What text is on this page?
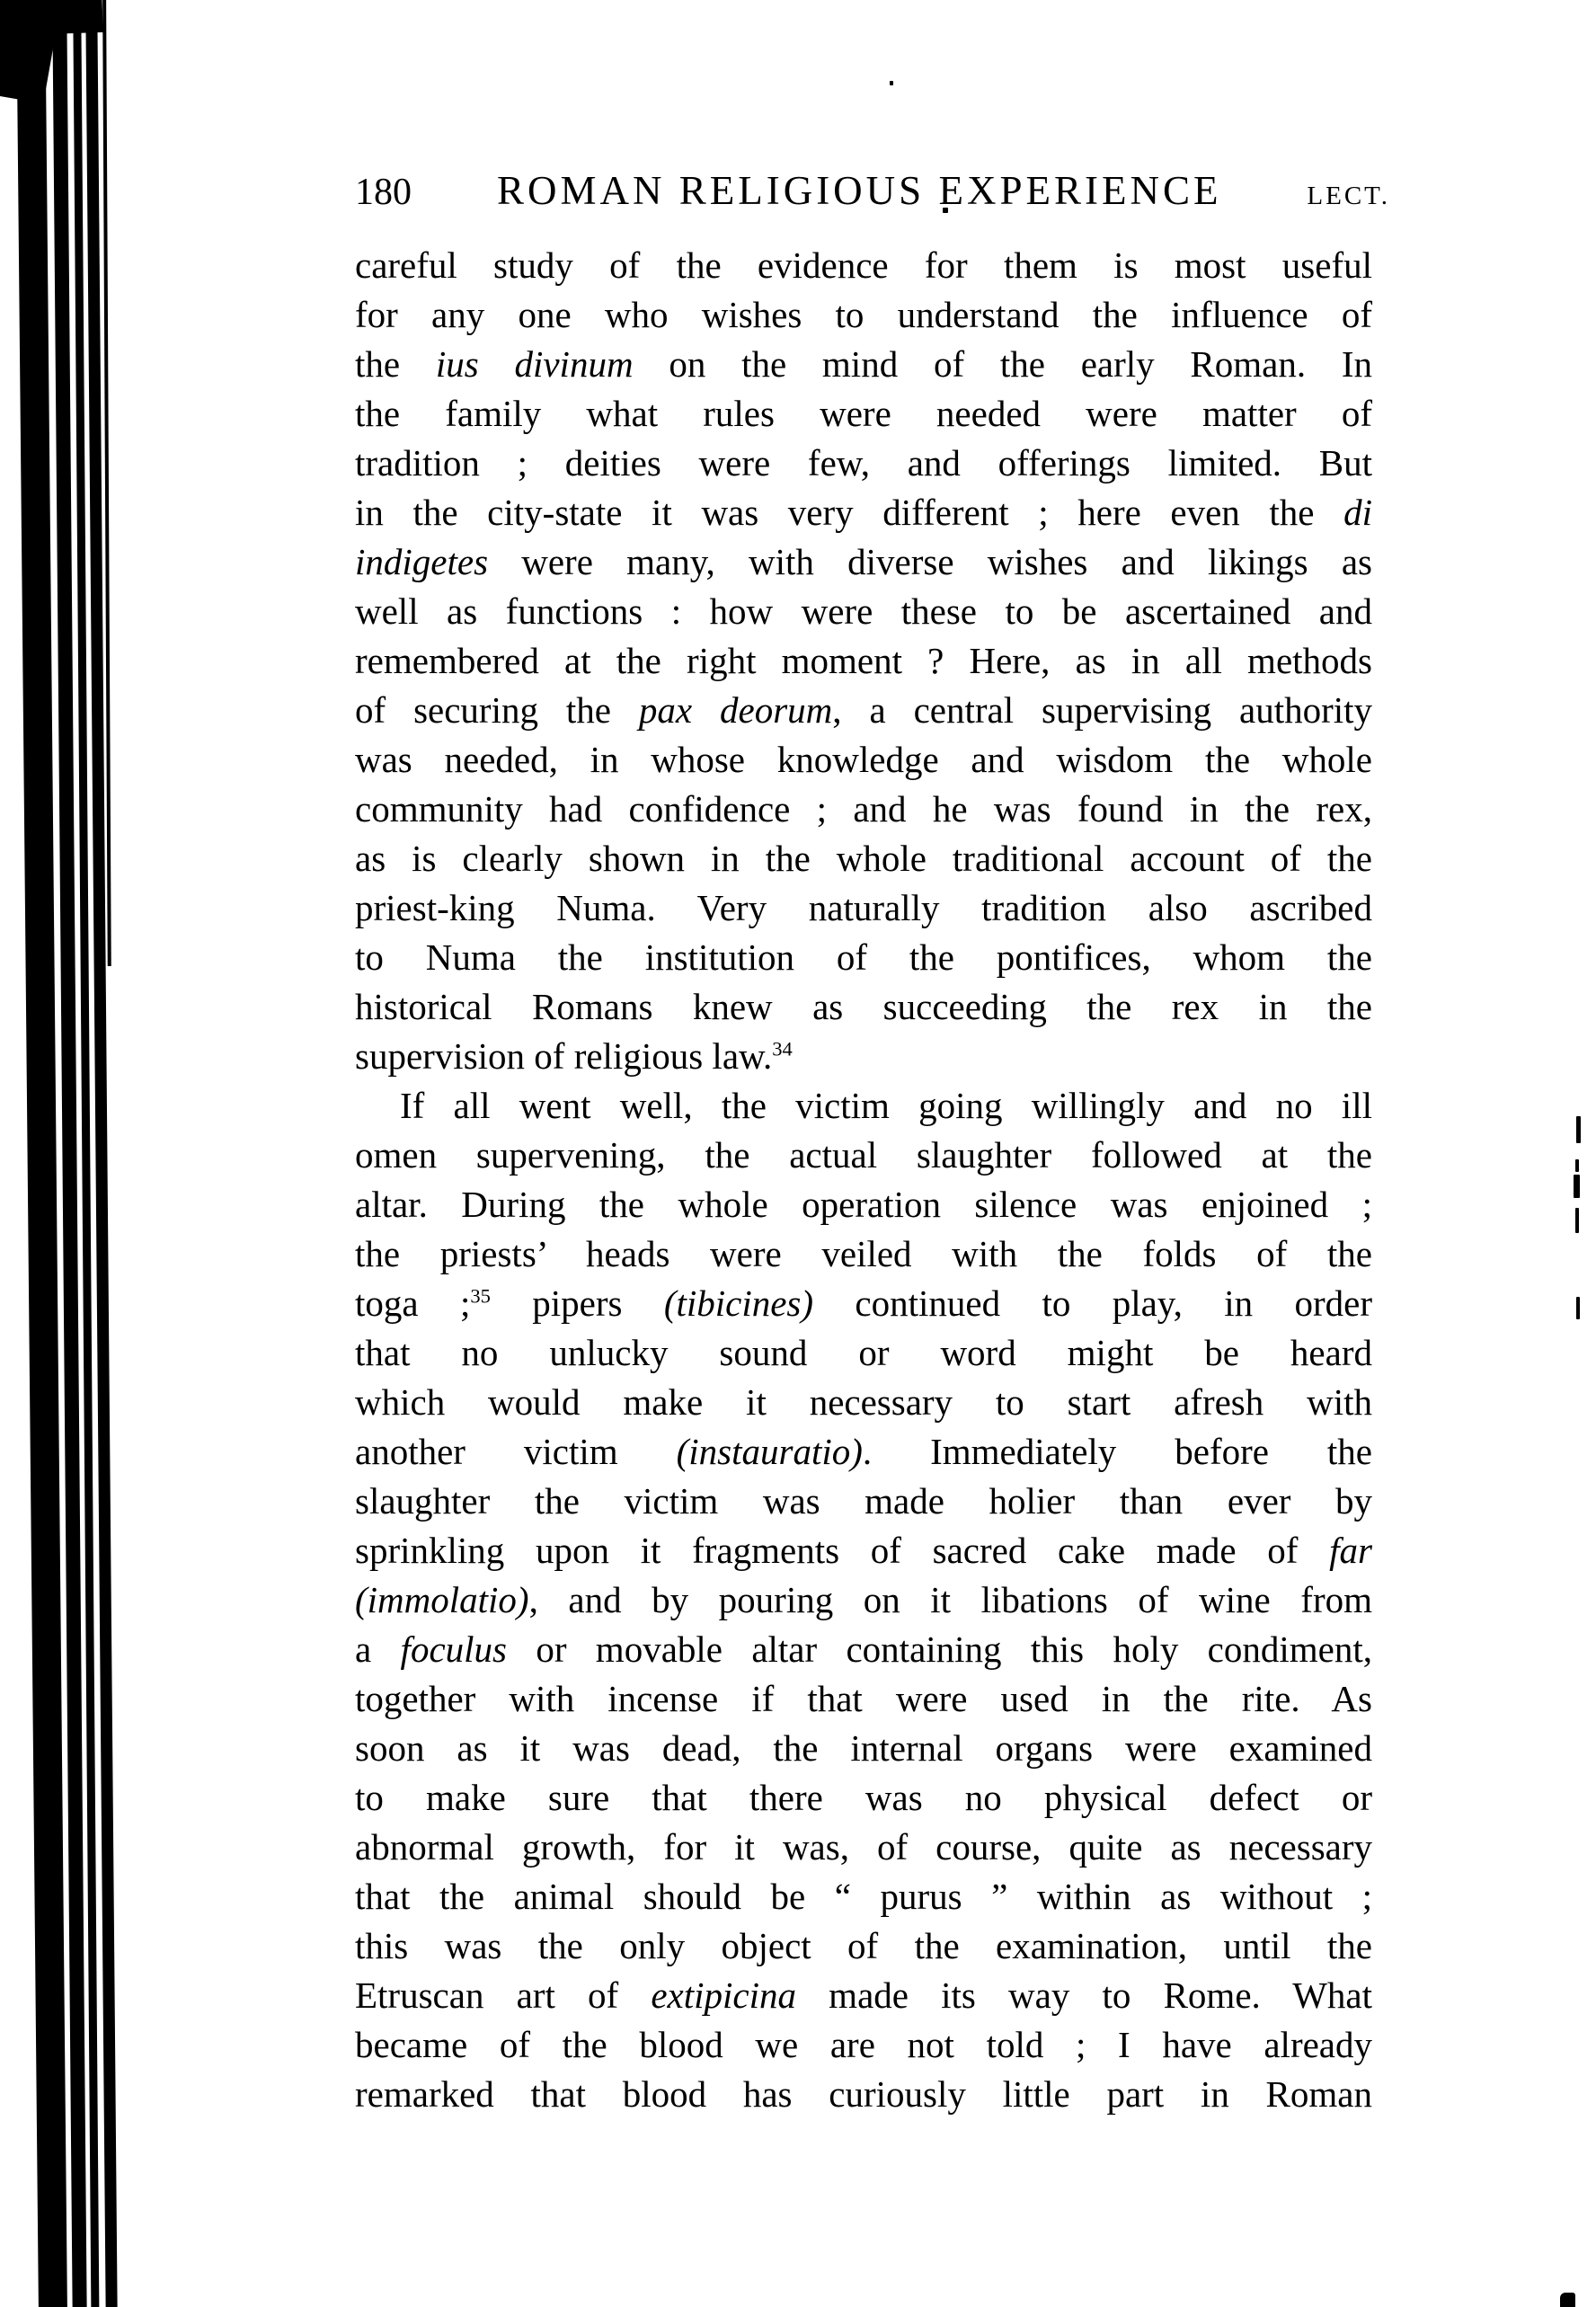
180	ROMAN RELIGIOUS EXPERIENCE	LECT.
careful study of the evidence for them is most useful
for any one who wishes to understand the influence of
the ius divinum on the mind of the early Roman. In
the family what rules were needed were matter of
tradition ; deities were few, and offerings limited. But
in the city-state it was very different ; here even the di
indigetes were many, with diverse wishes and likings as
well as functions : how were these to be ascertained and
remembered at the right moment ? Here, as in all methods
of securing the pax deorum, a central supervising authority
was needed, in whose knowledge and wisdom the whole
community had confidence ; and he was found in the rex,
as is clearly shown in the whole traditional account of the
priest-king Numa. Very naturally tradition also ascribed
to Numa the institution of the pontifices, whom the
historical Romans knew as succeeding the rex in the
supervision of religious law.$^{34}$
If all went well, the victim going willingly and no ill
omen supervening, the actual slaughter followed at the
altar. During the whole operation silence was enjoined ;
the priests’ heads were veiled with the folds of the
toga ;$^{35}$ pipers (tibicines) continued to play, in order
that no unlucky sound or word might be heard
which would make it necessary to start afresh with
another victim (instauratio). Immediately before the
slaughter the victim was made holier than ever by
sprinkling upon it fragments of sacred cake made of far
(immolatio), and by pouring on it libations of wine from
a foculus or movable altar containing this holy condiment,
together with incense if that were used in the rite. As
soon as it was dead, the internal organs were examined
to make sure that there was no physical defect or
abnormal growth, for it was, of course, quite as necessary
that the animal should be “ purus ” within as without ;
this was the only object of the examination, until the
Etruscan art of extipicina made its way to Rome. What
became of the blood we are not told ; I have already
remarked that blood has curiously little part in Roman
